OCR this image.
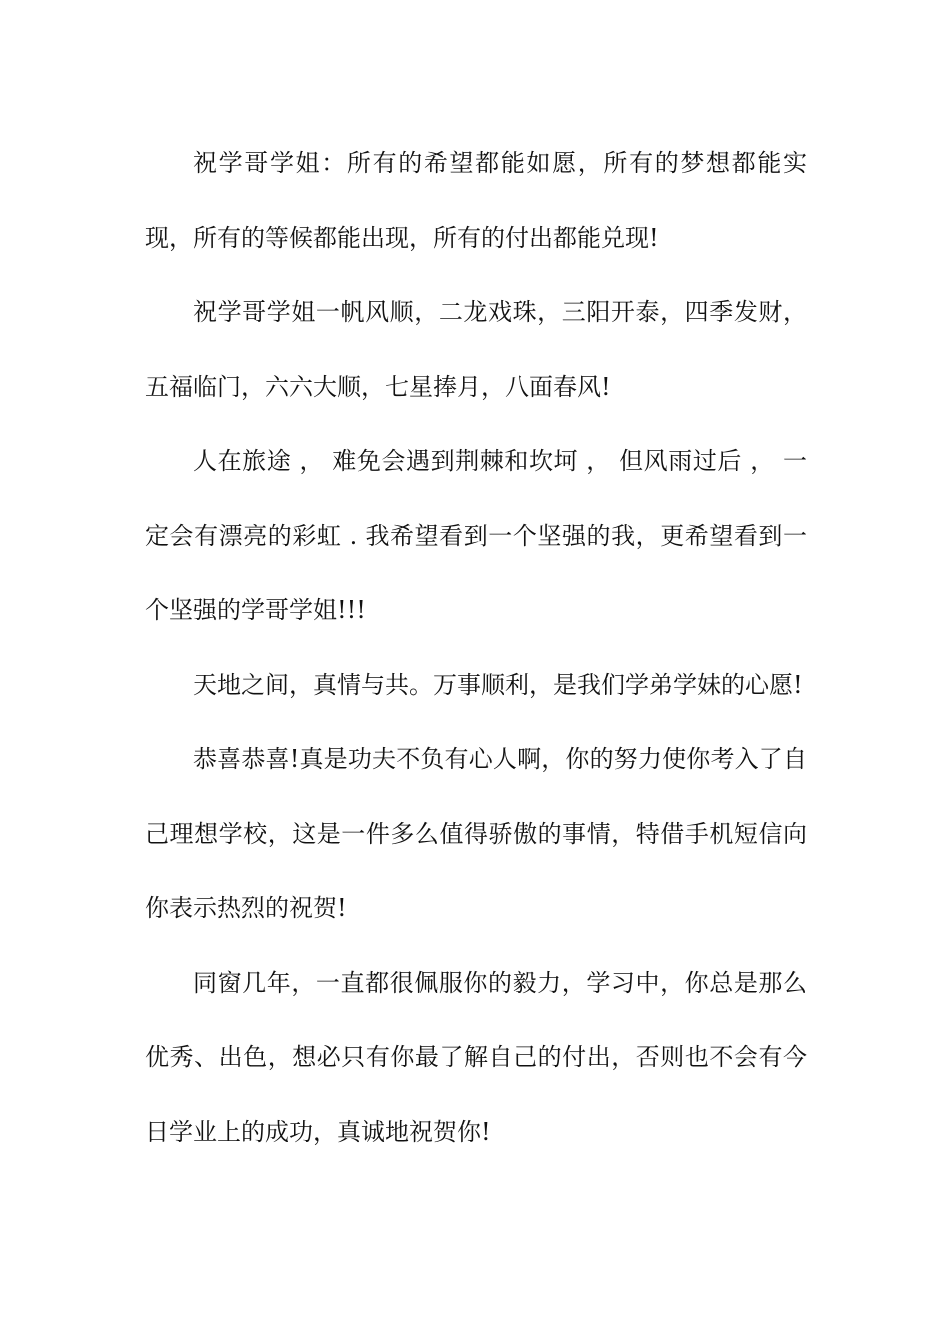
祝学哥学姐：所有的希望都能如愿，所有的梦想都能实现，所有的等候都能出现，所有的付出都能兑现!

祝学哥学姐一帆风顺，二龙戏珠，三阳开泰，四季发财，五福临门，六六大顺，七星捧月，八面春风!

人在旅途 ， 难免会遇到荆棘和坎坷 ， 但风雨过后 ， 一定会有漂亮的彩虹 . 我希望看到一个坚强的我，更希望看到一个坚强的学哥学姐!!!

天地之间，真情与共。万事顺利，是我们学弟学妹的心愿!

恭喜恭喜!真是功夫不负有心人啊，你的努力使你考入了自己理想学校，这是一件多么值得骄傲的事情，特借手机短信向你表示热烈的祝贺!

同窗几年，一直都很佩服你的毅力，学习中，你总是那么优秀、出色，想必只有你最了解自己的付出，否则也不会有今日学业上的成功，真诚地祝贺你!
